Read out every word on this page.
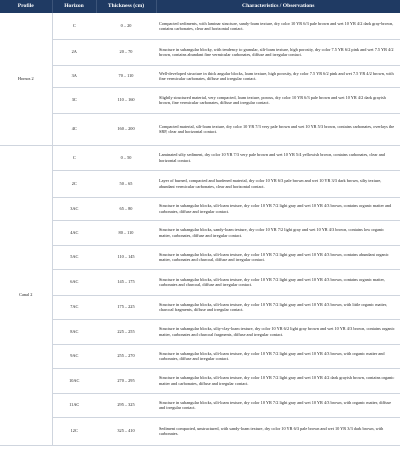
Profile	Horizon	Thickness (cm)	Characteristics / Observations
Hornos 2	C	0 – 20	Compacted sediments, with laminar structure, sandy-loam texture, dry color 10 YR 6/3 pale brown and wet 10 YR 4/2 dark gray-brown, contains carbonates, clear and horizontal contact.
	2A	20 – 70	Structure in subangular blocky, with tendency to granular, silt-loam texture, high porosity, dry color 7.5 YR 6/2 pink and wet 7.5 YR 4/2 brown, contains abundant fine vermicular carbonates, diffuse and irregular contact.
	3A	70 – 110	Well-developed structure in thick angular blocks, loam texture, high porosity, dry color 7.5 YR 6/2 pink and wet 7.5 YR 4/2 brown, with fine vermicular carbonates, diffuse and irregular contact.
	3C	110 – 160	Slightly structured material, very compacted, loam texture, porous, dry color 10 YR 6/3 pale brown and wet 10 YR 4/2 dark grayish brown, fine vermicular carbonates, diffuse and irregular contact.
	4C	160 – 200	Compacted material, silt-loam texture, dry color 10 YR 7/3 very pale brown and wet 10 YR 5/3 brown, contains carbonates, overlays the SRP, clear and horizontal contact.
Canal 2	C	0 – 50	Laminated silty sediment, dry color 10 YR 7/3 very pale brown and wet 10 YR 5/4 yellowish brown, contains carbonates, clear and horizontal contact.
	2C	50 – 65	Layer of burned, compacted and hardened material, dry color 10 YR 6/3 pale brown and wet 10 YR 3/3 dark brown, silty texture, abundant vermicular carbonates, clear and horizontal contact.
	3AC	65 – 80	Structure in subangular blocks, silt-loam texture, dry color 10 YR 7/2 light gray and wet 10 YR 4/3 brown, contains organic matter and carbonates, diffuse and irregular contact.
	4AC	80 – 110	Structure in subangular blocks, sandy-loam texture, dry color 10 YR 7/2 light gray and wet 10 YR 4/3 brown, contains low organic matter, carbonates, diffuse and irregular contact.
	5AC	110 – 145	Structure in subangular blocks, silt-loam texture, dry color 10 YR 7/2 light gray and wet 10 YR 4/3 brown, contains abundant organic matter, carbonates and charcoal, diffuse and irregular contact.
	6AC	145 – 175	Structure in subangular blocks, silt-loam texture, dry color 10 YR 7/2 light gray and wet 10 YR 4/3 brown, contains organic matter, carbonates and charcoal, diffuse and irregular contact.
	7AC	175 – 225	Structure in subangular blocks, silt-loam texture, dry color 10 YR 7/2 light gray and wet 10 YR 4/3 brown, with little organic matter, charcoal fragments, diffuse and irregular contact.
	8AC	225 – 255	Structure in subangular blocks, silty-clay-loam texture, dry color 10 YR 6/2 light gray brown and wet 10 YR 4/3 brown, contains organic matter, carbonates and charcoal fragments, diffuse and irregular contact.
	9AC	255 – 270	Structure in subangular blocks, silt-loam texture, dry color 10 YR 7/2 light gray and wet 10 YR 4/3 brown, with organic matter and carbonates, diffuse and irregular contact.
	10AC	270 – 295	Structure in subangular blocks, silt-loam texture, dry color 10 YR 7/2 light gray and wet 10 YR 4/2 dark grayish brown, contains organic matter and carbonates, diffuse and irregular contact.
	11AC	295 – 325	Structure in subangular blocks, silt-loam texture, dry color 10 YR 7/2 light gray and wet 10 YR 4/3 brown, with organic matter, diffuse and irregular contact.
	12C	325 – 410	Sediment compacted, unstructured, with sandy-loam texture, dry color 10 YR 6/3 pale brown and wet 10 YR 3/3 dark brown, with carbonates.
